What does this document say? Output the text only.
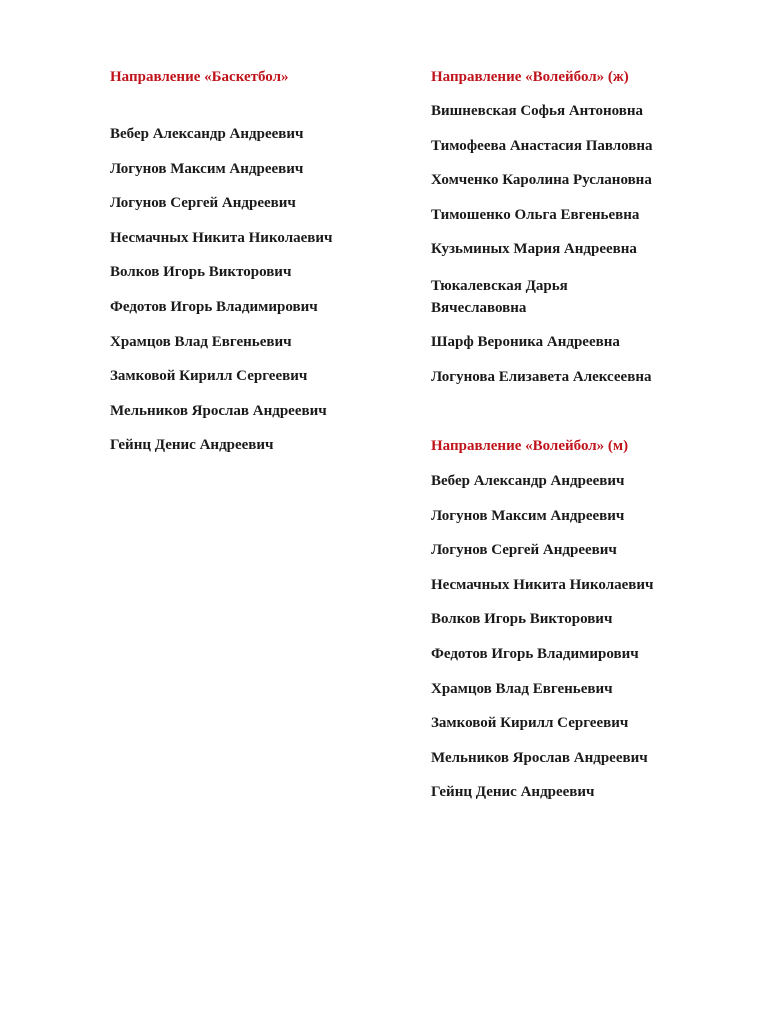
Направление «Баскетбол»
Вебер Александр Андреевич
Логунов Максим Андреевич
Логунов Сергей Андреевич
Несмачных Никита Николаевич
Волков Игорь Викторович
Федотов Игорь Владимирович
Храмцов Влад Евгеньевич
Замковой Кирилл Сергеевич
Мельников Ярослав Андреевич
Гейнц Денис Андреевич
Направление «Волейбол» (ж)
Вишневская Софья Антоновна
Тимофеева Анастасия Павловна
Хомченко Каролина Руслановна
Тимошенко Ольга Евгеньевна
Кузьминых Мария Андреевна
Тюкалевская Дарья Вячеславовна
Шарф Вероника Андреевна
Логунова Елизавета Алексеевна
Направление «Волейбол» (м)
Вебер Александр Андреевич
Логунов Максим Андреевич
Логунов Сергей Андреевич
Несмачных Никита Николаевич
Волков Игорь Викторович
Федотов Игорь Владимирович
Храмцов Влад Евгеньевич
Замковой Кирилл Сергеевич
Мельников Ярослав Андреевич
Гейнц Денис Андреевич
